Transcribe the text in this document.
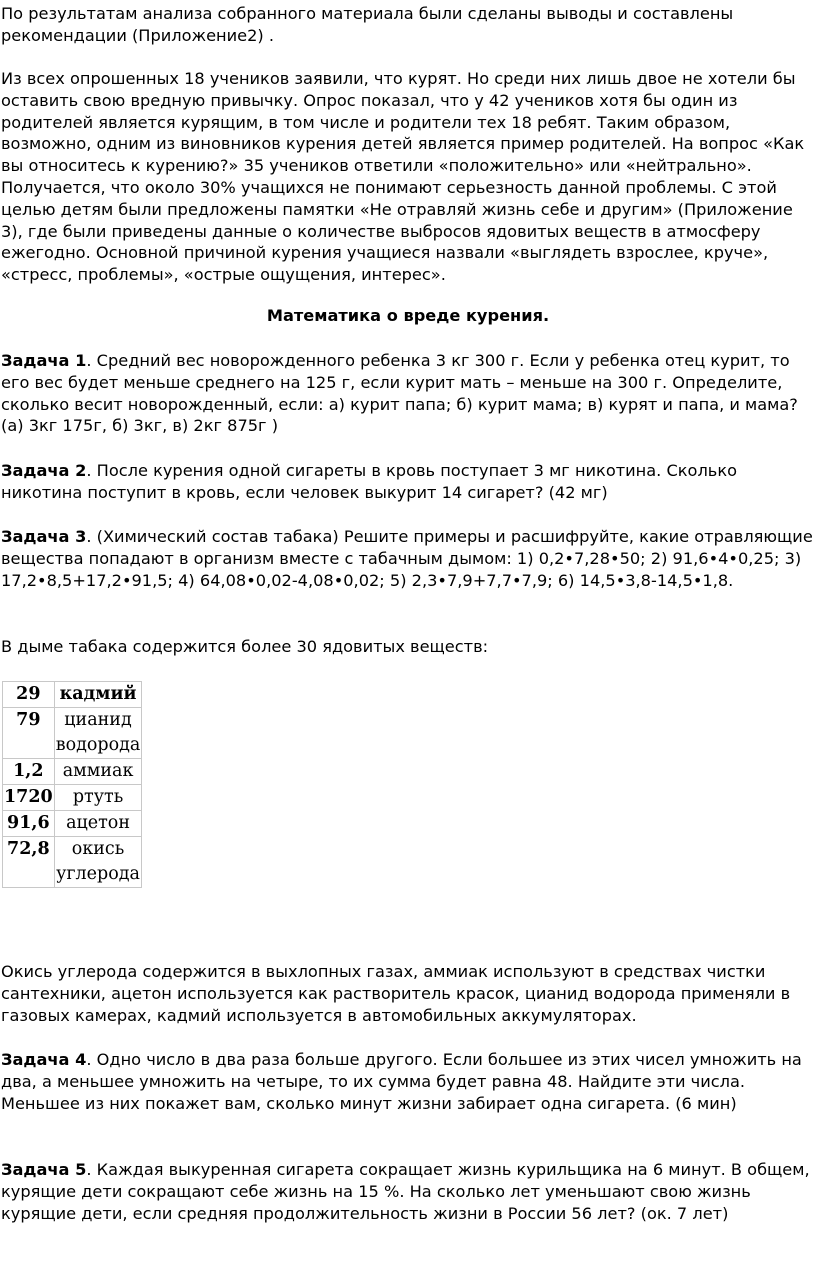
По результатам анализа собранного материала были сделаны выводы и составлены рекомендации (Приложение2) .

Из всех опрошенных 18 учеников заявили, что курят. Но среди них лишь двое не хотели бы оставить свою вредную привычку. Опрос показал, что у 42 учеников хотя бы один из родителей является курящим, в том числе и родители тех 18 ребят. Таким образом, возможно, одним из виновников курения детей является пример родителей. На вопрос «Как вы относитесь к курению?» 35 учеников ответили «положительно» или «нейтрально». Получается, что около 30% учащихся не понимают серьезность данной проблемы. С этой целью детям были предложены памятки «Не отравляй жизнь себе и другим» (Приложение 3), где были приведены данные о количестве выбросов ядовитых веществ в атмосферу ежегодно. Основной причиной курения учащиеся назвали «выглядеть взрослее, круче», «стресс, проблемы», «острые ощущения, интерес».

Математика о вреде курения.

Задача 1. Средний вес новорожденного ребенка 3 кг 300 г. Если у ребенка отец курит, то его вес будет меньше среднего на 125 г, если курит мать – меньше на 300 г. Определите, сколько весит новорожденный, если: а) курит папа; б) курит мама; в) курят и папа, и мама? (а) 3кг 175г, б) 3кг, в) 2кг 875г )

Задача 2. После курения одной сигареты в кровь поступает 3 мг никотина. Сколько никотина поступит в кровь, если человек выкурит 14 сигарет? (42 мг)

Задача 3. (Химический состав табака) Решите примеры и расшифруйте, какие отравляющие вещества попадают в организм вместе с табачным дымом: 1) 0,2•7,28•50; 2) 91,6•4•0,25; 3) 17,2•8,5+17,2•91,5; 4) 64,08•0,02-4,08•0,02; 5) 2,3•7,9+7,7•7,9; 6) 14,5•3,8-14,5•1,8.

В дыме табака содержится более 30 ядовитых веществ:

29	кадмий
79	цианид водорода
1,2	аммиак
1720	ртуть
91,6	ацетон
72,8	окись углерода

Окись углерода содержится в выхлопных газах, аммиак используют в средствах чистки сантехники, ацетон используется как растворитель красок, цианид водорода применяли в газовых камерах, кадмий используется в автомобильных аккумуляторах.

Задача 4. Одно число в два раза больше другого. Если большее из этих чисел умножить на два, а меньшее умножить на четыре, то их сумма будет равна 48. Найдите эти числа. Меньшее из них покажет вам, сколько минут жизни забирает одна сигарета. (6 мин)

Задача 5. Каждая выкуренная сигарета сокращает жизнь курильщика на 6 минут. В общем, курящие дети сокращают себе жизнь на 15 %. На сколько лет уменьшают свою жизнь курящие дети, если средняя продолжительность жизни в России 56 лет? (ок. 7 лет)
